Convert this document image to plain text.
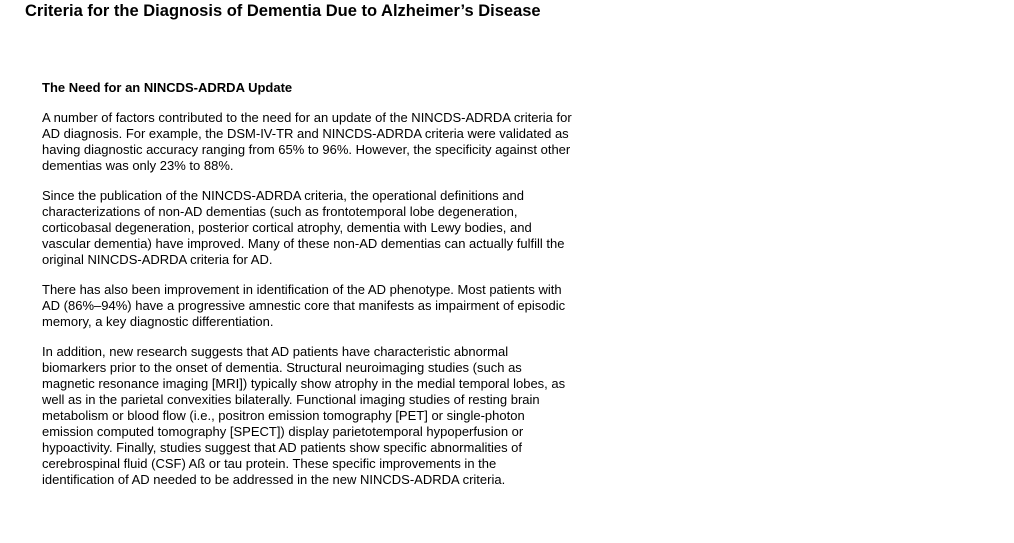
Criteria for the Diagnosis of Dementia Due to Alzheimer’s Disease
The Need for an NINCDS-ADRDA Update

A number of factors contributed to the need for an update of the NINCDS-ADRDA criteria for AD diagnosis. For example, the DSM-IV-TR and NINCDS-ADRDA criteria were validated as having diagnostic accuracy ranging from 65% to 96%. However, the specificity against other dementias was only 23% to 88%.

Since the publication of the NINCDS-ADRDA criteria, the operational definitions and characterizations of non-AD dementias (such as frontotemporal lobe degeneration, corticobasal degeneration, posterior cortical atrophy, dementia with Lewy bodies, and vascular dementia) have improved. Many of these non-AD dementias can actually fulfill the original NINCDS-ADRDA criteria for AD.

There has also been improvement in identification of the AD phenotype. Most patients with AD (86%–94%) have a progressive amnestic core that manifests as impairment of episodic memory, a key diagnostic differentiation.

In addition, new research suggests that AD patients have characteristic abnormal biomarkers prior to the onset of dementia. Structural neuroimaging studies (such as magnetic resonance imaging [MRI]) typically show atrophy in the medial temporal lobes, as well as in the parietal convexities bilaterally. Functional imaging studies of resting brain metabolism or blood flow (i.e., positron emission tomography [PET] or single-photon emission computed tomography [SPECT]) display parietotemporal hypoperfusion or hypoactivity. Finally, studies suggest that AD patients show specific abnormalities of cerebrospinal fluid (CSF) Aß or tau protein. These specific improvements in the identification of AD needed to be addressed in the new NINCDS-ADRDA criteria.
